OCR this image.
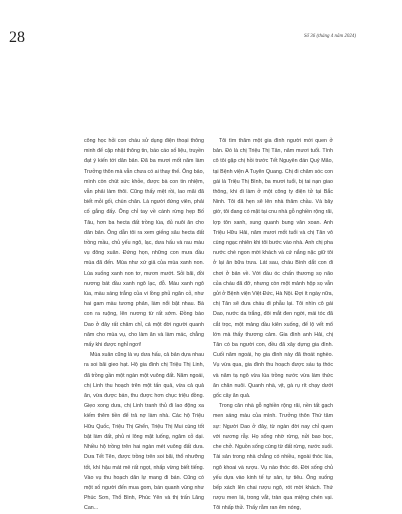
28	Số 36 (tháng 4 năm 2024)

công học hỏi con cháu sử dụng điện thoại thông minh để cập nhật thông tin, báo cáo số liệu, truyền đạt ý kiến tới dân bản. Đã ba mươi mốt năm làm Trưởng thôn mà vẫn chưa có ai thay thế. Ông bảo, mình còn chút sức khỏe, được bà con tin nhiệm, vẫn phải làm thôi. Cũng thấy mệt rồi, lao mãi đã biết mỏi gối, chùn chân. Là người đứng viên, phải cố gắng đấy. Ông chỉ tay về cánh rừng hẹp Bố Tâu, hơn ba hecta đất trồng lúa, đủ nuôi ăn cho dân bản. Ông dẫn tôi ra xem giếng sâu hecta đất trồng mầu, chủ yếu ngô, lạc, dưa hấu và rau màu vụ đông xuân. Đứng họn, những con mưa đầu mùa đã đến. Mùa như xứ giả của mùa xanh non. Lúa xuống xanh non tơ, mươn mướt. Sỏi bãi, đồi nương bát đầu xanh ngô lạc, đỗ. Màu xanh ngô lúa, màu sáng trắng của vi lồng phủ ngăn cỏ, như hai gam màu tương phản, làm nổi bật nhau. Bà con ra ruộng, lên nương từ rất sớm. Đồng bào Dao ở đây rất chăm chỉ, cả một đời người quanh năm cho mùa vụ, cho làm ăn và làm mác, chẳng mấy khi được nghỉ ngơi!

Mùa xuân cũng là vụ dưa hấu, cả bản dựa nhau ra soi bãi gieo hạt. Hộ gia đình chị Triệu Thị Linh, đã trồng gần một ngàn một vuông đất. Năm ngoái, chị Linh thu hoạch trên một tấn quả, vừa cả quả ăn, vừa được bán, thu được hơn chục triệu đồng. Giẹo xong dưa, chị Linh tranh thủ đi lao động xa kiếm thêm tiền để trả nợ làm nhà. Các hộ Triệu Hữu Quốc, Triệu Thị Ghển, Triệu Thị Mui cùng tốt bật làm đất, phủ ni lông mặt luống, ngâm cỏ dại. Nhiều hộ trồng trên hai ngàn mét vuông đất dưa. Dưa Tết Tên, được trồng trên soi bãi, thổ nhưỡng tốt, khí hậu mát mẻ rất ngọt, nhấp vừng biết tiếng. Vào vụ thu hoạch dân lự mang đi bán. Cũng có một số người đến mua gom, bán quanh vùng như Phúc Sơn, Thổ Bình, Phúc Yên và thị trấn Lăng Can...

Tôi tìm thăm một gia đình người mới quen ở bản. Đó là chị Triệu Thị Tân, năm mươi tuổi. Tính cô tôi gặp chị hồi trước Tết Nguyên đán Quý Mão, tại Bệnh viện A Tuyên Quang. Chị đi chăm sóc con gái là Triệu Thị Bình, ba mươi tuổi, bị tai nạn giao thông, khi đi làm ở một công ty điện tử tại Bắc Ninh. Tôi đã hẹn sẽ lên nhà thăm chầu. Và bây giờ, tôi đang có mặt tại cnu nhà gỗ nghiền rộng rãi, lợp tôn xanh, xung quanh bung vân xoan. Anh Triệu Hữu Hải, năm mươi mốt tuổi và chị Tân vô cùng ngạc nhiên khi tôi bước vào nhà. Anh chị pha nước chè ngon mời khách và cứ nắng nặc giữ tôi ở lại ăn bữa trưa. Lát sau, cháu Bình dắt con đi chơi ở bản về. Với đầu óc chấn thương sọ não của cháu đã đỡ, nhưng còn một mảnh hộp sọ vẫn gửi ở Bệnh viện Việt Đức, Hà Nội. Đợi ít ngày nữa, chị Tân sẽ đưa cháu đi phẫu lại. Tôi nhìn cô gái Dao, nước da trắng, đôi mắt đen ngời, mái tóc đã cắt trọc, một mảng đầu kiên xuống, để lộ vết mổ lớn mà thấy thương cảm. Gia đình anh Hải, chị Tân có ba người con, đều đã xây dựng gia đình. Cuối năm ngoái, họ gia đình này đã thoát nghèo. Vụ vừa qua, gia đình thu hoạch được sáu tạ thóc và năm tạ ngô vừa lúa trồng nước vừa làm thức ăn chăn nuôi. Quanh nhà, vịt, gà rụ rít chạy dưới gốc cây ăn quả.

Trong căn nhà gỗ nghiền rộng rãi, nền tất gạch men sáng màu của mình. Trưởng thôn Thứ tâm sự: Người Dao ở đây, từ ngàn đời nay chỉ quen với nương rẫy. Họ sống nhờ rừng, nửi bao bọc, che chở. Nguồn sống cùng từ đất rừng, nước suối. Tài sản trong nhà chẳng có nhiều, ngoài thóc lúa, ngô khoai và rượu. Vụ nào thóc đó. Đời sống chủ yếu dựa vào kinh tế tự sản, tự tiêu. Ông xuống bếp xách lên chai rượu ngô, rót mời khách. Thứ rượu men lá, trong vắt, tràn qua miệng chén vại. Tôi nhấp thử. Thấy rằm ran êm nóng,
